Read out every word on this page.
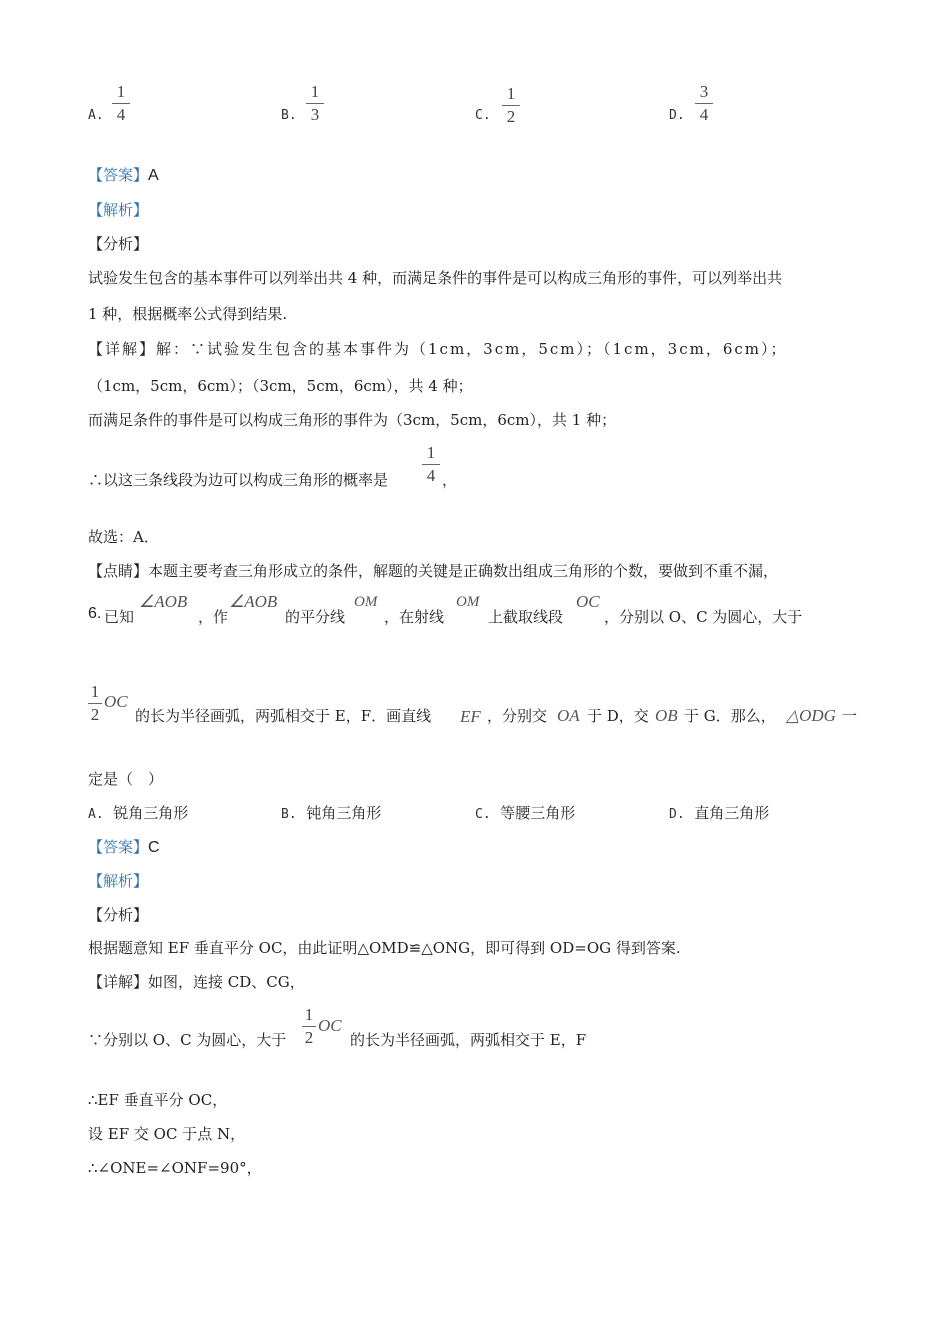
A.
1
4	B.
1
3	C.
1
2	D.
3
4
【答案】A
【解析】
【分析】
试验发生包含的基本事件可以列举出共 4 种，而满足条件的事件是可以构成三角形的事件，可以列举出共
1 种，根据概率公式得到结果.
【详解】解：∵试验发生包含的基本事件为（1cm，3cm，5cm）；（1cm，3cm，6cm）；
（1cm，5cm，6cm）；（3cm，5cm，6cm），共 4 种；
而满足条件的事件是可以构成三角形的事件为（3cm，5cm，6cm），共 1 种；
∴以这三条线段为边可以构成三角形的概率是
1
4 ，
故选：A．
【点睛】本题主要考查三角形成立的条件，解题的关键是正确数出组成三角形的个数，要做到不重不漏，
6. 已知
∠AOB
，作
∠AOB
的平分线
OM
，在射线
OM
上截取线段
OC
，分别以 O、C 为圆心，大于
1
2
OC
的长为半径画弧，两弧相交于 E，F．画直线 EF ，分别交 OA 于 D，交 OB 于 G．那么， △ODG 一
定是（　）
A. 锐角三角形	B. 钝角三角形	C. 等腰三角形	D. 直角三角形
【答案】C
【解析】
【分析】
根据题意知 EF 垂直平分 OC，由此证明△OMD≌△ONG，即可得到 OD=OG 得到答案.
【详解】如图，连接 CD、CG，
∵分别以 O、C 为圆心，大于
1
2
OC
的长为半径画弧，两弧相交于 E，F
∴EF 垂直平分 OC，
设 EF 交 OC 于点 N，
∴∠ONE=∠ONF=90°，
